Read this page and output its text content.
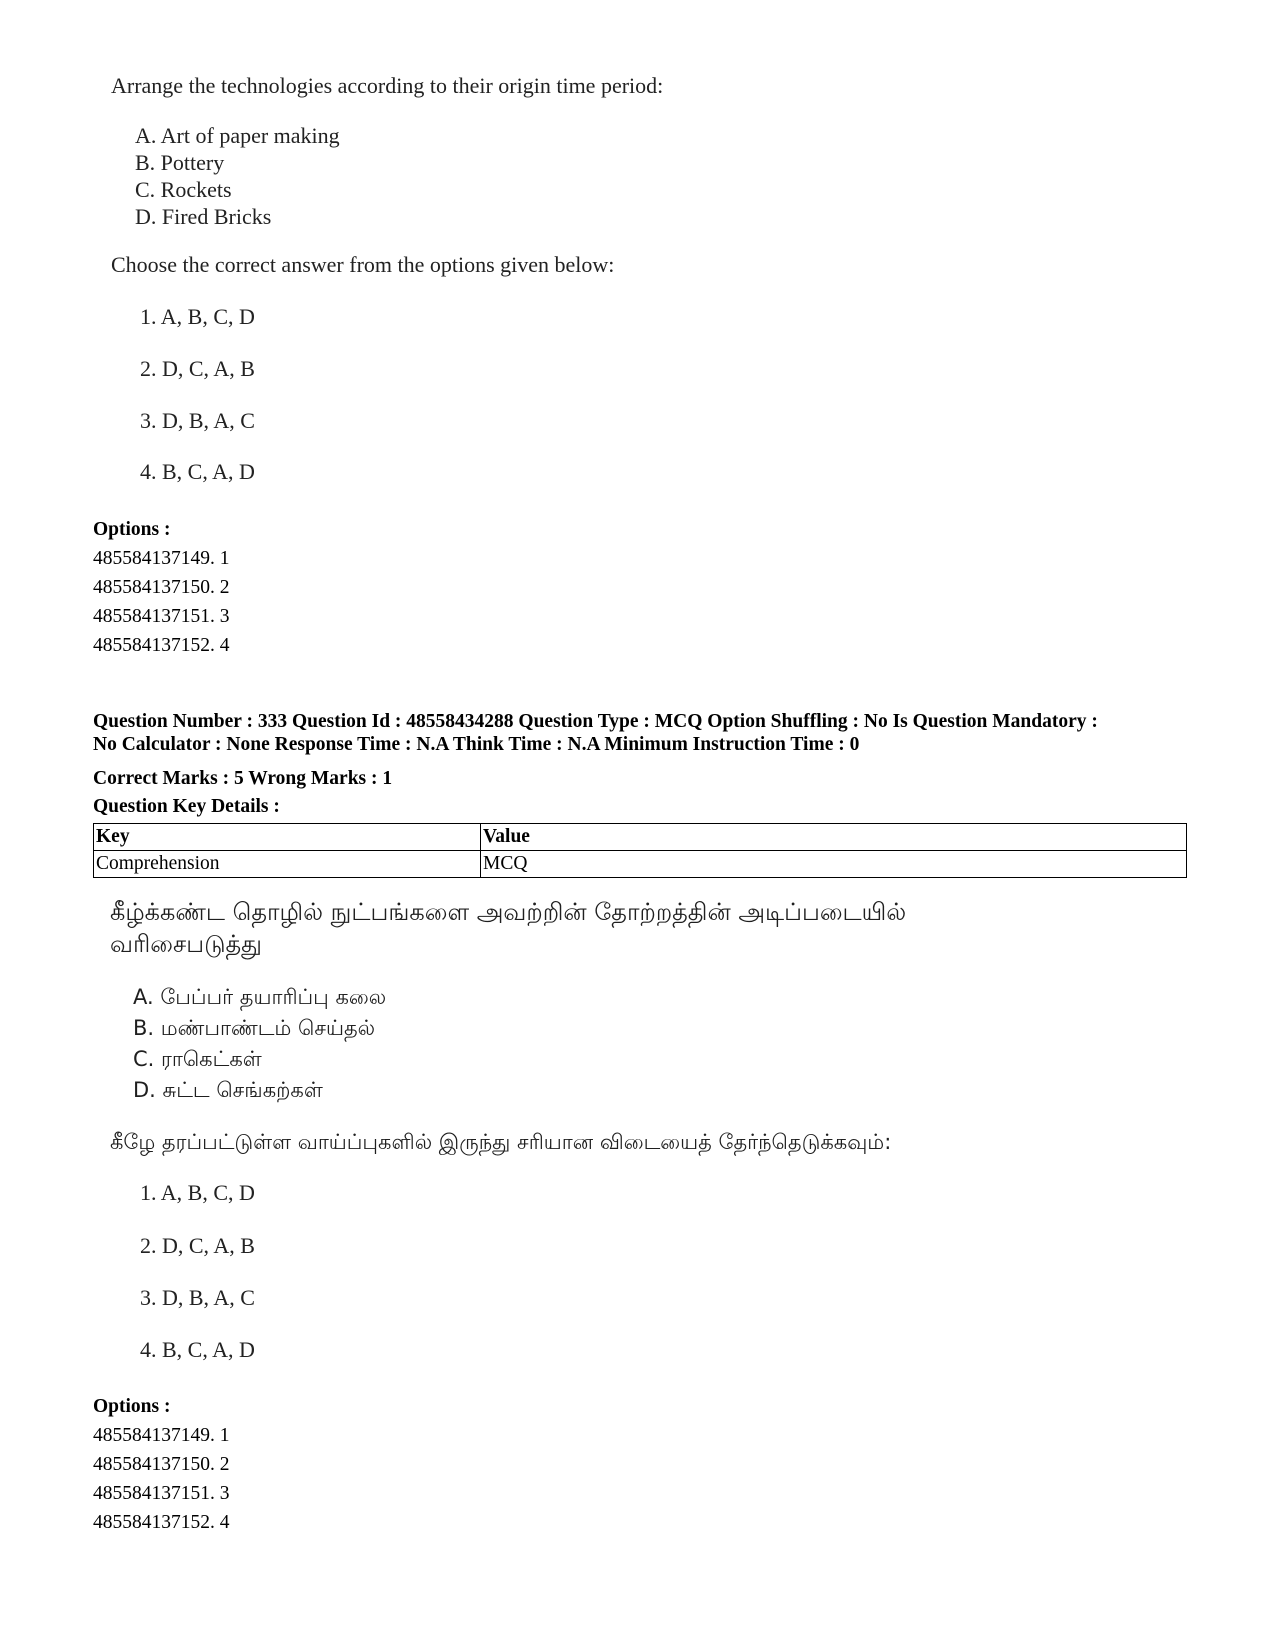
Arrange the technologies according to their origin time period:
A. Art of paper making
B. Pottery
C. Rockets
D. Fired Bricks
Choose the correct answer from the options given below:
1. A, B, C, D
2. D, C, A, B
3. D, B, A, C
4. B, C, A, D
Options :
485584137149. 1
485584137150. 2
485584137151. 3
485584137152. 4
Question Number : 333 Question Id : 48558434288 Question Type : MCQ Option Shuffling : No Is Question Mandatory :
No Calculator : None Response Time : N.A Think Time : N.A Minimum Instruction Time : 0
Correct Marks : 5 Wrong Marks : 1
Question Key Details :
Key	Value
Comprehension	MCQ
கீழ்க்கண்ட தொழில் நுட்பங்களை அவற்றின் தோற்றத்தின் அடிப்படையில்
வரிசைபடுத்து
A. பேப்பர் தயாரிப்பு கலை
B. மண்பாண்டம் செய்தல்
C. ராகெட்கள்
D. சுட்ட செங்கற்கள்
கீழே தரப்பட்டுள்ள வாய்ப்புகளில் இருந்து சரியான விடையைத் தேர்ந்தெடுக்கவும்:
1. A, B, C, D
2. D, C, A, B
3. D, B, A, C
4. B, C, A, D
Options :
485584137149. 1
485584137150. 2
485584137151. 3
485584137152. 4
